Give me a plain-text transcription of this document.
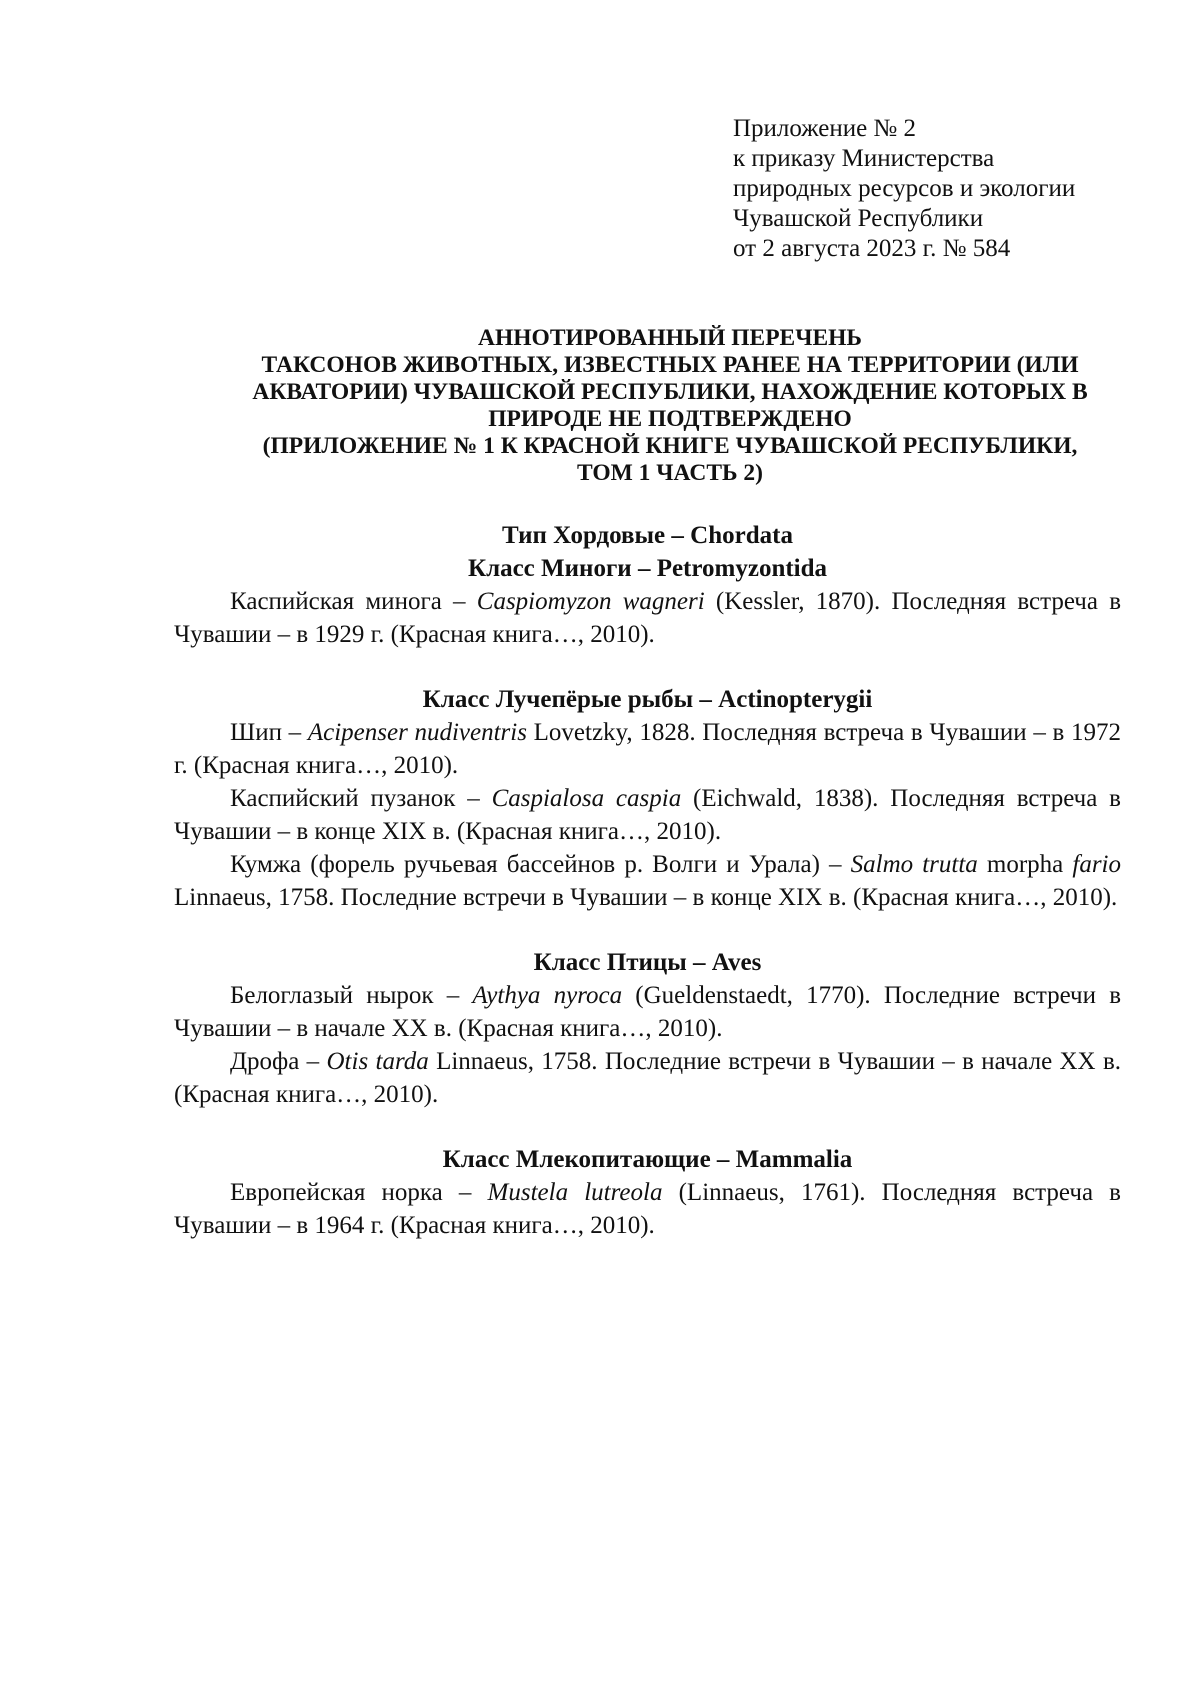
Приложение № 2
к приказу Министерства
природных ресурсов и экологии
Чувашской Республики
от 2 августа 2023 г. № 584
АННОТИРОВАННЫЙ ПЕРЕЧЕНЬ
ТАКСОНОВ ЖИВОТНЫХ, ИЗВЕСТНЫХ РАНЕЕ НА ТЕРРИТОРИИ (ИЛИ
АКВАТОРИИ) ЧУВАШСКОЙ РЕСПУБЛИКИ, НАХОЖДЕНИЕ КОТОРЫХ В
ПРИРОДЕ НЕ ПОДТВЕРЖДЕНО
(ПРИЛОЖЕНИЕ № 1 К КРАСНОЙ КНИГЕ ЧУВАШСКОЙ РЕСПУБЛИКИ,
ТОМ 1 ЧАСТЬ 2)
Тип Хордовые – Chordata
Класс Миноги – Petromyzontida

Каспийская минога – Caspiomyzon wagneri (Kessler, 1870). Последняя встреча в Чувашии – в 1929 г. (Красная книга…, 2010).

Класс Лучепёрые рыбы – Actinopterygii

Шип – Acipenser nudiventris Lovetzky, 1828. Последняя встреча в Чувашии – в 1972 г. (Красная книга…, 2010).

Каспийский пузанок – Caspialosa caspia (Eichwald, 1838). Последняя встреча в Чувашии – в конце XIX в. (Красная книга…, 2010).

Кумжа (форель ручьевая бассейнов р. Волги и Урала) – Salmo trutta morpha fario Linnaeus, 1758. Последние встречи в Чувашии – в конце XIX в. (Красная книга…, 2010).

Класс Птицы – Aves

Белоглазый нырок – Aythya nyroca (Gueldenstaedt, 1770). Последние встречи в Чувашии – в начале XX в. (Красная книга…, 2010).

Дрофа – Otis tarda Linnaeus, 1758. Последние встречи в Чувашии – в начале XX в. (Красная книга…, 2010).

Класс Млекопитающие – Mammalia

Европейская норка – Mustela lutreola (Linnaeus, 1761). Последняя встреча в Чувашии – в 1964 г. (Красная книга…, 2010).
